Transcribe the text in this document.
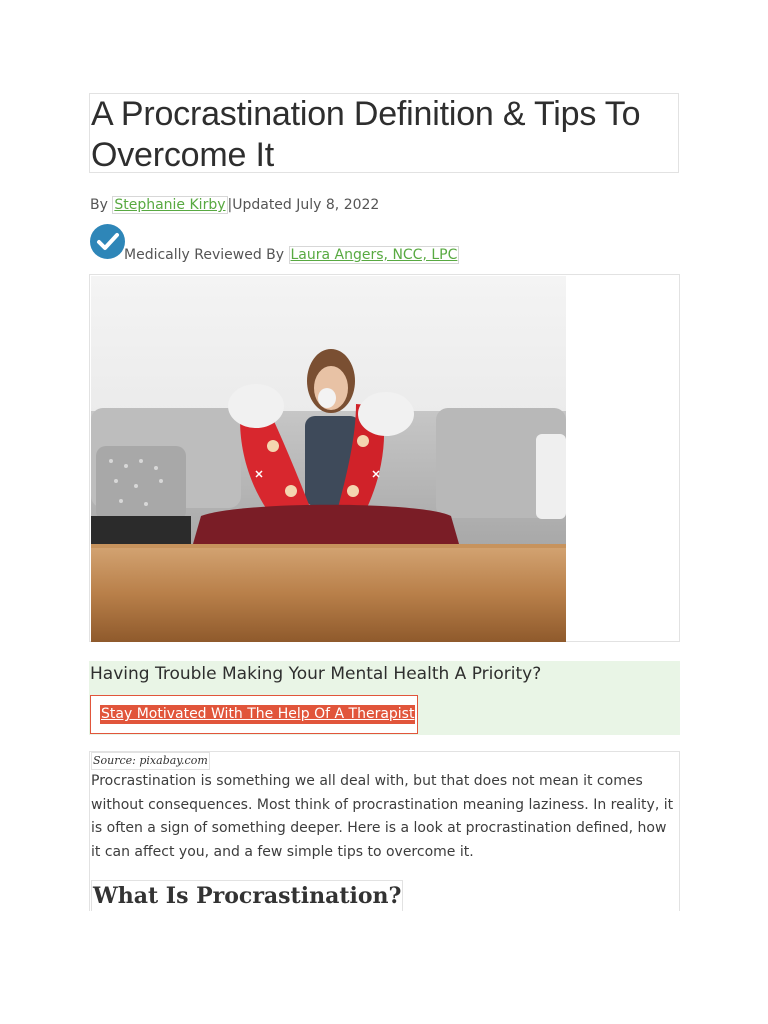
A Procrastination Definition & Tips To Overcome It
By Stephanie Kirby |Updated July 8, 2022
Medically Reviewed By Laura Angers, NCC, LPC
Having Trouble Making Your Mental Health A Priority?
Stay Motivated With The Help Of A Therapist
Source: pixabay.com

Procrastination is something we all deal with, but that does not mean it comes without consequences. Most think of procrastination meaning laziness. In reality, it is often a sign of something deeper. Here is a look at procrastination defined, how it can affect you, and a few simple tips to overcome it.

What Is Procrastination?
